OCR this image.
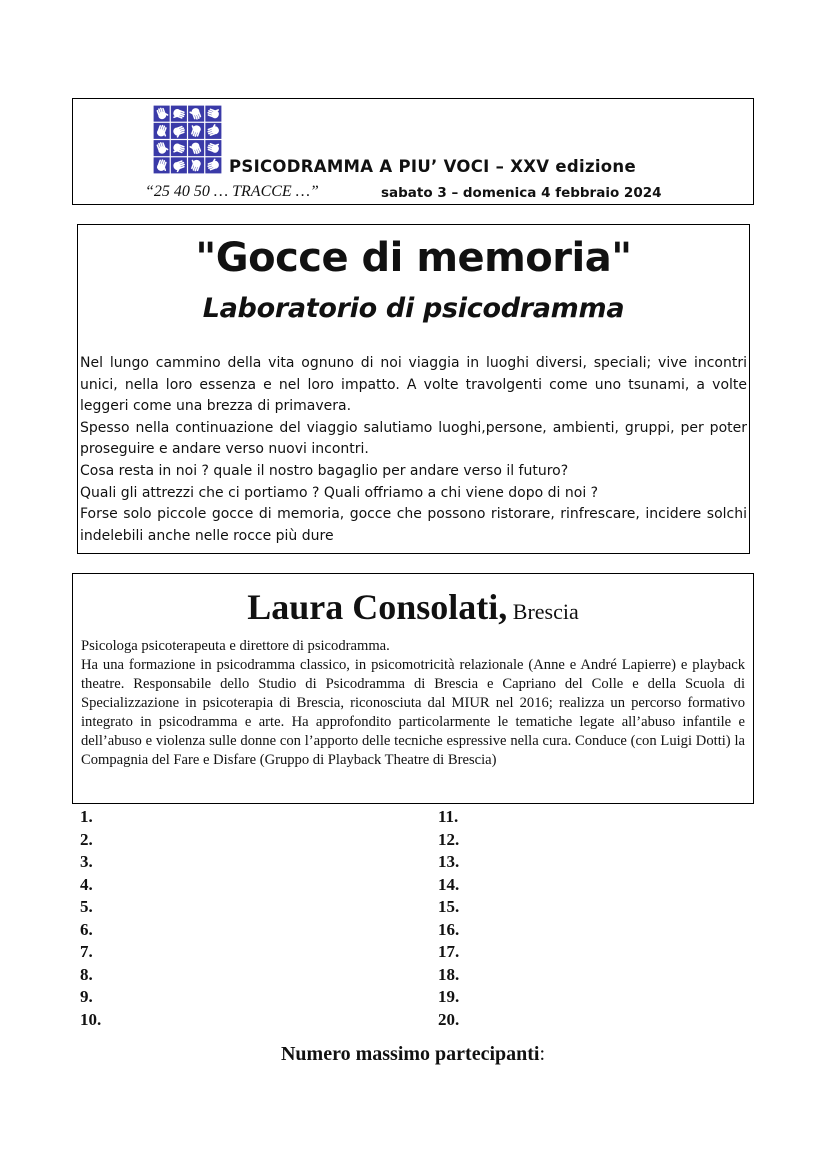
PSICODRAMMA A PIU’ VOCI – XXV edizione
“25 40 50 … TRACCE …”	sabato 3 – domenica 4 febbraio 2024
"Gocce di memoria"
Laboratorio di psicodramma

Nel lungo cammino della vita ognuno di noi viaggia in luoghi diversi, speciali; vive incontri unici, nella loro essenza e nel loro impatto. A volte travolgenti come uno tsunami, a volte leggeri come una brezza di primavera.

Spesso nella continuazione del viaggio salutiamo luoghi,persone, ambienti, gruppi, per poter proseguire e andare verso nuovi incontri.

Cosa resta in noi ? quale il nostro bagaglio per andare verso il futuro?

Quali gli attrezzi che ci portiamo ? Quali offriamo a chi viene dopo di noi ?

Forse solo piccole gocce di memoria, gocce che possono ristorare, rinfrescare, incidere solchi indelebili anche nelle rocce più dure

Laura Consolati, Brescia

Psicologa psicoterapeuta e direttore di psicodramma.

Ha una formazione in psicodramma classico, in psicomotricità relazionale (Anne e André Lapierre) e playback theatre. Responsabile dello Studio di Psicodramma di Brescia e Capriano del Colle e della Scuola di Specializzazione in psicoterapia di Brescia, riconosciuta dal MIUR nel 2016; realizza un percorso formativo integrato in psicodramma e arte. Ha approfondito particolarmente le tematiche legate all’abuso infantile e dell’abuso e violenza sulle donne con l’apporto delle tecniche espressive nella cura. Conduce (con Luigi Dotti) la Compagnia del Fare e Disfare (Gruppo di Playback Theatre di Brescia)

1.
2.
3.
4.
5.
6.
7.
8.
9.
10.
11.
12.
13.
14.
15.
16.
17.
18.
19.
20.
Numero massimo partecipanti:
